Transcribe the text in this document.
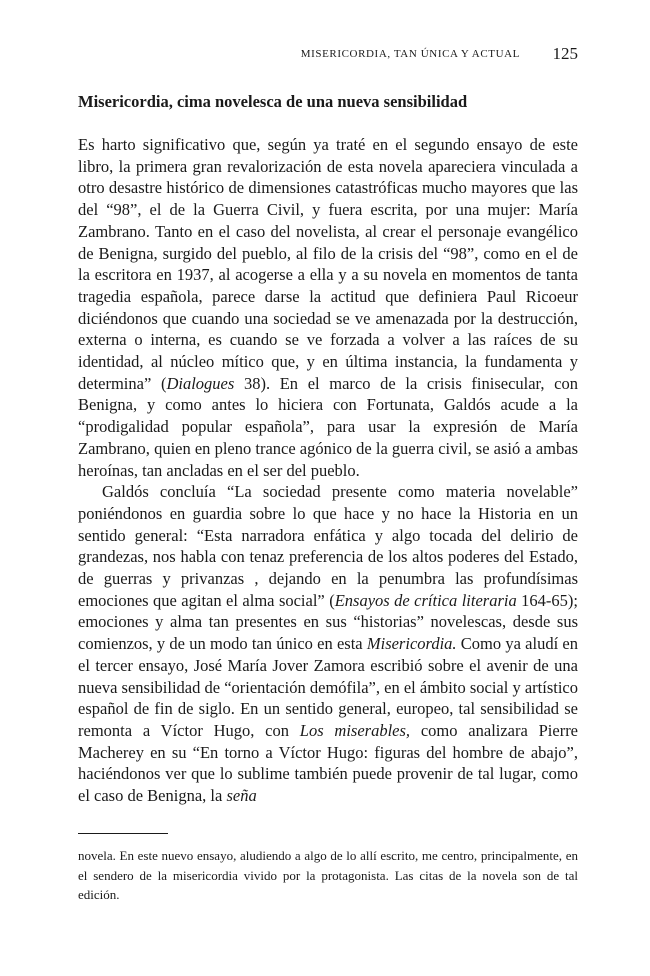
MISERICORDIA, TAN ÚNICA Y ACTUAL 125
Misericordia, cima novelesca de una nueva sensibilidad

Es harto significativo que, según ya traté en el segundo ensayo de este libro, la primera gran revalorización de esta novela apareciera vinculada a otro desastre histórico de dimensiones catastróficas mucho mayores que las del “98”, el de la Guerra Civil, y fuera escrita, por una mujer: María Zambrano. Tanto en el caso del novelista, al crear el personaje evangélico de Benigna, surgido del pueblo, al filo de la crisis del “98”, como en el de la escritora en 1937, al acogerse a ella y a su novela en momentos de tanta tragedia española, parece darse la actitud que definiera Paul Ricoeur diciéndonos que cuando una sociedad se ve amenazada por la destrucción, externa o interna, es cuando se ve forzada a volver a las raíces de su identidad, al núcleo mítico que, y en última instancia, la fundamenta y determina” (Dialogues 38). En el marco de la crisis finisecular, con Benigna, y como antes lo hiciera con Fortunata, Galdós acude a la “prodigalidad popular española”, para usar la expresión de María Zambrano, quien en pleno trance agónico de la guerra civil, se asió a ambas heroínas, tan ancladas en el ser del pueblo.

Galdós concluía “La sociedad presente como materia novelable” poniéndonos en guardia sobre lo que hace y no hace la Historia en un sentido general: “Esta narradora enfática y algo tocada del delirio de grandezas, nos habla con tenaz preferencia de los altos poderes del Estado, de guerras y privanzas , dejando en la penumbra las profundísimas emociones que agitan el alma social” (Ensayos de crítica literaria 164-65); emociones y alma tan presentes en sus “historias” novelescas, desde sus comienzos, y de un modo tan único en esta Misericordia. Como ya aludí en el tercer ensayo, José María Jover Zamora escribió sobre el avenir de una nueva sensibilidad de “orientación demófila”, en el ámbito social y artístico español de fin de siglo. En un sentido general, europeo, tal sensibilidad se remonta a Víctor Hugo, con Los miserables, como analizara Pierre Macherey en su “En torno a Víctor Hugo: figuras del hombre de abajo”, haciéndonos ver que lo sublime también puede provenir de tal lugar, como el caso de Benigna, la seña

novela. En este nuevo ensayo, aludiendo a algo de lo allí escrito, me centro, principalmente, en el sendero de la misericordia vivido por la protagonista. Las citas de la novela son de tal edición.
